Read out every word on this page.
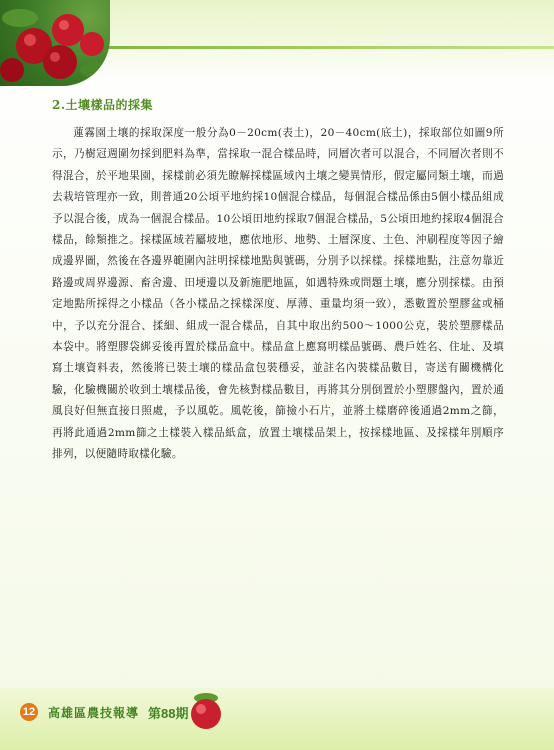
2.土壤樣品的採集
蓮霧園土壤的採取深度一般分為0－20cm(表土)，20－40cm(底土)，採取部位如圖9所示，乃樹冠週圍勿採到肥料為準，當採取一混合樣品時，同層次者可以混合，不同層次者則不得混合，於平地果園，採樣前必須先瞭解採樣區域內土壤之變異情形，假定屬同類土壤，而過去栽培管理亦一致，則普通20公頃平地約採10個混合樣品，每個混合樣品係由5個小樣品組成予以混合後，成為一個混合樣品。10公頃田地約採取7個混合樣品，5公頃田地約採取4個混合樣品，餘類推之。採樣區域若屬坡地，應依地形、地勢、土層深度、土色、沖刷程度等因子繪成邊界圖，然後在各邊界範圍內註明採樣地點與號碼，分別予以採樣。採樣地點，注意勿靠近路邊或周界邊源、畜舍邊、田埂邊以及新施肥地區，如遇特殊或問題土壤，應分別採樣。由預定地點所採得之小樣品（各小樣品之採樣深度、厚薄、重量均須一致），悉數置於塑膠盆或桶中，予以充分混合、揉細、組成一混合樣品，自其中取出約500～1000公克，裝於塑膠樣品本袋中。將塑膠袋綁妥後再置於樣品盒中。樣品盒上應寫明樣品號碼、農戶姓名、住址、及填寫土壤資料表，然後將已裝土壤的樣品盒包裝穩妥，並註名內裝樣品數目，寄送有關機構化驗，化驗機關於收到土壤樣品後，會先核對樣品數目，再將其分別倒置於小塑膠盤內，置於通風良好但無直接日照處，予以風乾。風乾後，篩撿小石片，並將土樣磨碎後通過2mm之篩，再將此通過2mm篩之土樣裝入樣品紙盒，放置土壤樣品架上，按採樣地區、及採樣年別順序排列，以便隨時取樣化驗。
12 高雄區農技報導 第88期
